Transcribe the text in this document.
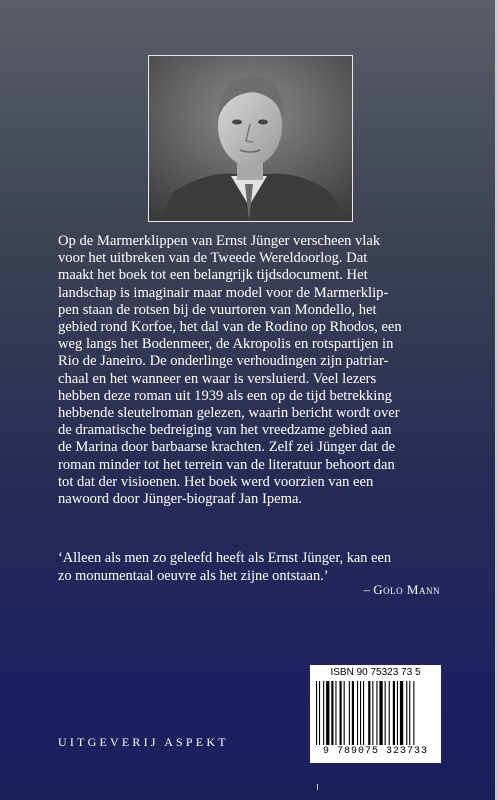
Op de Marmerklippen van Ernst Jünger verscheen vlak
voor het uitbreken van de Tweede Wereldoorlog. Dat
maakt het boek tot een belangrijk tijdsdocument. Het
landschap is imaginair maar model voor de Marmerklip-
pen staan de rotsen bij de vuurtoren van Mondello, het
gebied rond Korfoe, het dal van de Rodino op Rhodos, een
weg langs het Bodenmeer, de Akropolis en rotspartijen in
Rio de Janeiro. De onderlinge verhoudingen zijn patriar-
chaal en het wanneer en waar is versluierd. Veel lezers
hebben deze roman uit 1939 als een op de tijd betrekking
hebbende sleutelroman gelezen, waarin bericht wordt over
de dramatische bedreiging van het vreedzame gebied aan
de Marina door barbaarse krachten. Zelf zei Jünger dat de
roman minder tot het terrein van de literatuur behoort dan
tot dat der visioenen. Het boek werd voorzien van een
nawoord door Jünger-biograaf Jan Ipema.
‘Alleen als men zo geleefd heeft als Ernst Jünger, kan een
zo monumentaal oeuvre als het zijne ontstaan.’
– Golo Mann
ISBN 90 75323 73 5
9 789075 323733
UITGEVERIJ ASPEKT
